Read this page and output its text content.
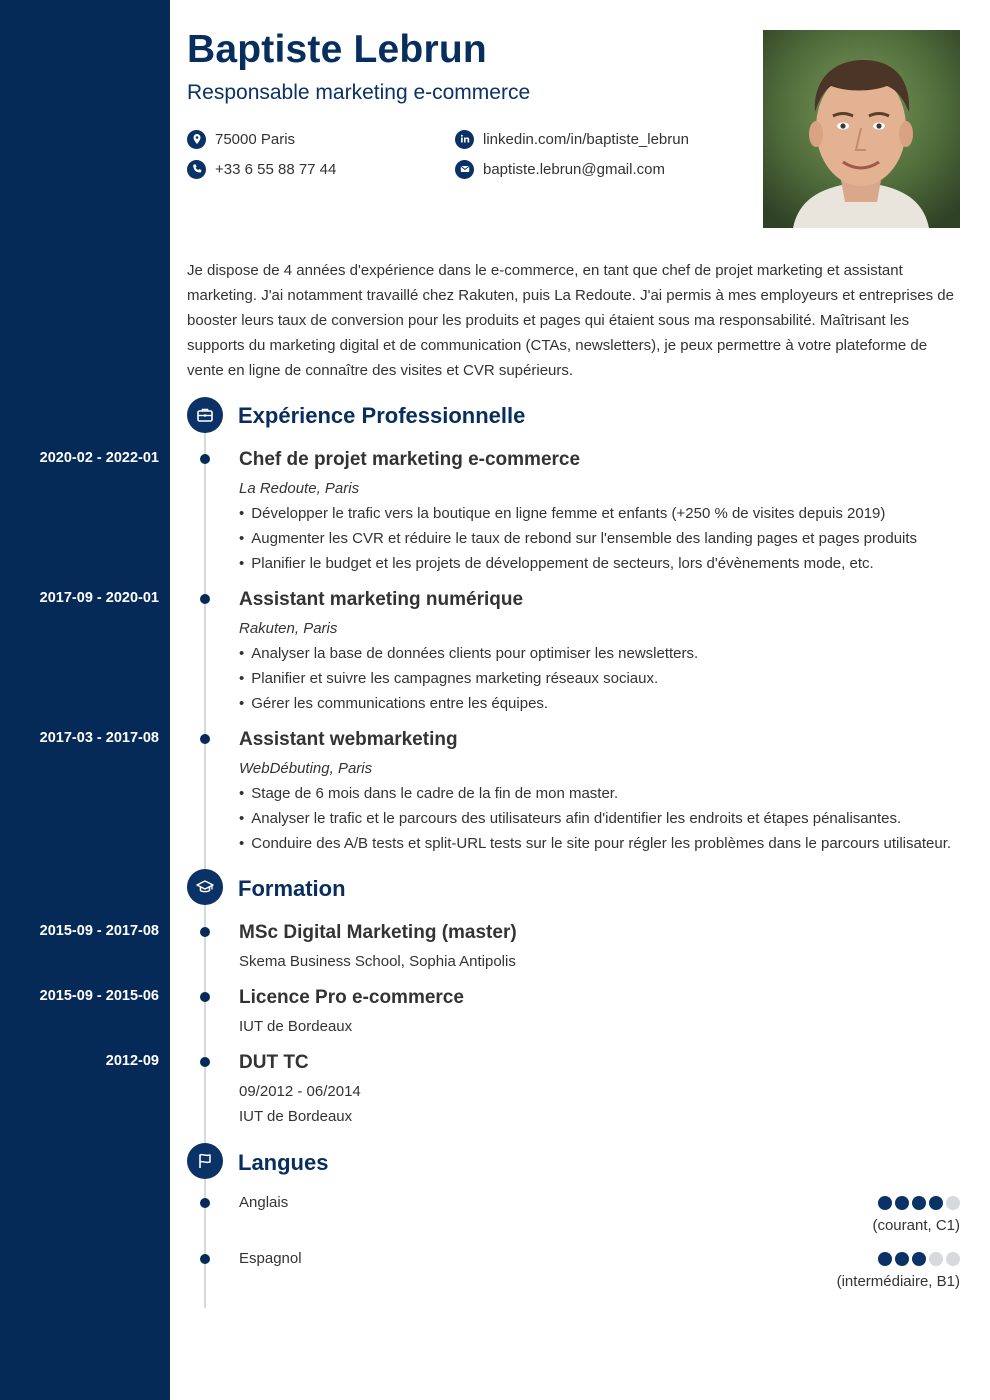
Baptiste Lebrun
Responsable marketing e-commerce
75000 Paris
+33 6 55 88 77 44
linkedin.com/in/baptiste_lebrun
baptiste.lebrun@gmail.com

Je dispose de 4 années d'expérience dans le e-commerce, en tant que chef de projet marketing et assistant marketing. J'ai notamment travaillé chez Rakuten, puis La Redoute. J'ai permis à mes employeurs et entreprises de booster leurs taux de conversion pour les produits et pages qui étaient sous ma responsabilité. Maîtrisant les supports du marketing digital et de communication (CTAs, newsletters), je peux permettre à votre plateforme de vente en ligne de connaître des visites et CVR supérieurs.

Expérience Professionnelle
2020-02 - 2022-01	Chef de projet marketing e-commerce
La Redoute, Paris
• Développer le trafic vers la boutique en ligne femme et enfants (+250 % de visites depuis 2019)
• Augmenter les CVR et réduire le taux de rebond sur l'ensemble des landing pages et pages produits
• Planifier le budget et les projets de développement de secteurs, lors d'évènements mode, etc.
2017-09 - 2020-01	Assistant marketing numérique
Rakuten, Paris
• Analyser la base de données clients pour optimiser les newsletters.
• Planifier et suivre les campagnes marketing réseaux sociaux.
• Gérer les communications entre les équipes.
2017-03 - 2017-08	Assistant webmarketing
WebDébuting, Paris
• Stage de 6 mois dans le cadre de la fin de mon master.
• Analyser le trafic et le parcours des utilisateurs afin d'identifier les endroits et étapes pénalisantes.
• Conduire des A/B tests et split-URL tests sur le site pour régler les problèmes dans le parcours utilisateur.
Formation
2015-09 - 2017-08	MSc Digital Marketing (master)
Skema Business School, Sophia Antipolis
2015-09 - 2015-06	Licence Pro e-commerce
IUT de Bordeaux
2012-09	DUT TC
09/2012 - 06/2014
IUT de Bordeaux
Langues
Anglais
(courant, C1)
Espagnol
(intermédiaire, B1)
